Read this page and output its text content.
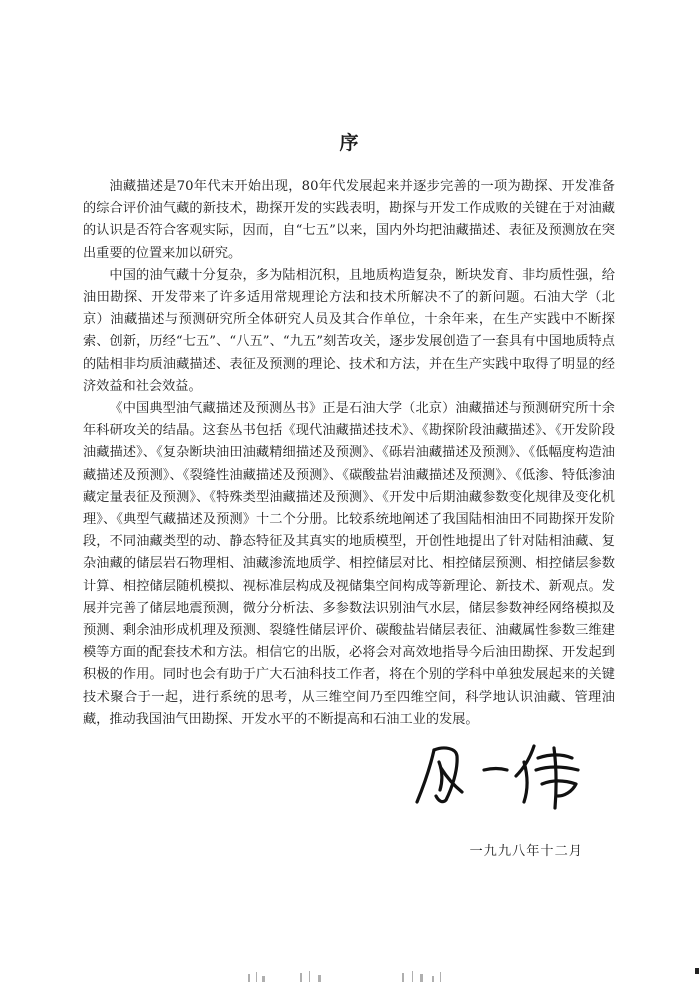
序

油藏描述是70年代末开始出现，80年代发展起来并逐步完善的一项为勘探、开发准备的综合评价油气藏的新技术，勘探开发的实践表明，勘探与开发工作成败的关键在于对油藏的认识是否符合客观实际，因而，自“七五”以来，国内外均把油藏描述、表征及预测放在突出重要的位置来加以研究。

中国的油气藏十分复杂，多为陆相沉积，且地质构造复杂，断块发育、非均质性强，给油田勘探、开发带来了许多适用常规理论方法和技术所解决不了的新问题。石油大学（北京）油藏描述与预测研究所全体研究人员及其合作单位，十余年来，在生产实践中不断探索、创新，历经“七五”、“八五”、“九五”刻苦攻关，逐步发展创造了一套具有中国地质特点的陆相非均质油藏描述、表征及预测的理论、技术和方法，并在生产实践中取得了明显的经济效益和社会效益。

《中国典型油气藏描述及预测丛书》正是石油大学（北京）油藏描述与预测研究所十余年科研攻关的结晶。这套丛书包括《现代油藏描述技术》、《勘探阶段油藏描述》、《开发阶段油藏描述》、《复杂断块油田油藏精细描述及预测》、《砾岩油藏描述及预测》、《低幅度构造油藏描述及预测》、《裂缝性油藏描述及预测》、《碳酸盐岩油藏描述及预测》、《低渗、特低渗油藏定量表征及预测》、《特殊类型油藏描述及预测》、《开发中后期油藏参数变化规律及变化机理》、《典型气藏描述及预测》十二个分册。比较系统地阐述了我国陆相油田不同勘探开发阶段，不同油藏类型的动、静态特征及其真实的地质模型，开创性地提出了针对陆相油藏、复杂油藏的储层岩石物理相、油藏渗流地质学、相控储层对比、相控储层预测、相控储层参数计算、相控储层随机模拟、视标准层构成及视储集空间构成等新理论、新技术、新观点。发展并完善了储层地震预测，微分分析法、多参数法识别油气水层，储层参数神经网络模拟及预测、剩余油形成机理及预测、裂缝性储层评价、碳酸盐岩储层表征、油藏属性参数三维建模等方面的配套技术和方法。相信它的出版，必将会对高效地指导今后油田勘探、开发起到积极的作用。同时也会有助于广大石油科技工作者，将在个别的学科中单独发展起来的关键技术聚合于一起，进行系统的思考，从三维空间乃至四维空间，科学地认识油藏、管理油藏，推动我国油气田勘探、开发水平的不断提高和石油工业的发展。

一九九八年十二月
